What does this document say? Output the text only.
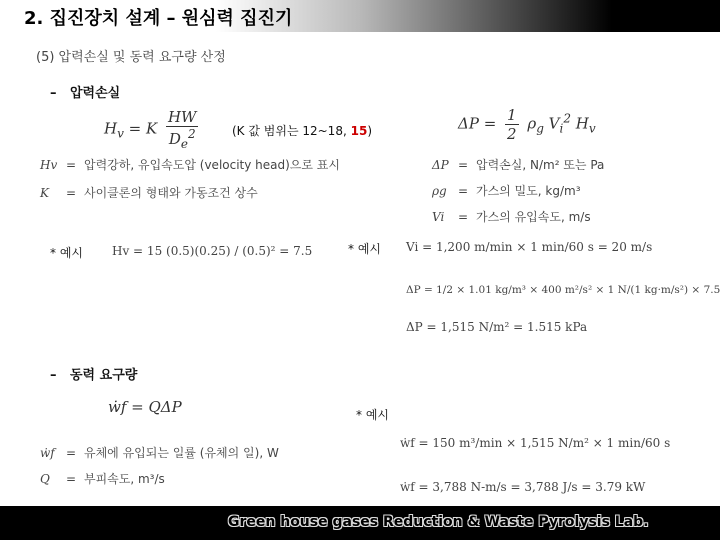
2. 집진장치 설계 – 원심력 집진기
(5) 압력손실 및 동력 요구량 산정
– 압력손실
$H_v = K \frac{HW}{D_e^2}$	(K 값 범위는 12~18, 15)	$\Delta P = \frac{1}{2} \rho_g$ $V_i^2$ $H_v$
Hv = 압력강하, 유입속도압 (velocity head)으로 표시
K = 사이클론의 형태와 가동조건 상수
ΔP = 압력손실, N/m² 또는 Pa
ρg = 가스의 밀도, kg/m³
Vi = 가스의 유입속도, m/s
* 예시 Hv = 15 (0.5)(0.25) / (0.5)² = 7.5	* 예시 Vi = 1,200 m/min × 1 min/60 s = 20 m/s
ΔP = 1/2 × 1.01 kg/m³ × 400 m²/s² × 1 N/(1 kg·m/s²) × 7.5
ΔP = 1,515 N/m² = 1.515 kPa
– 동력 요구량
ẇf = QΔP	* 예시
ẇf = 유체에 유입되는 일률 (유체의 일), W
Q = 부피속도, m³/s
ẇf = 150 m³/min × 1,515 N/m² × 1 min/60 s
ẇf = 3,788 N-m/s = 3,788 J/s = 3.79 kW
Green house gases Reduction & Waste Pyrolysis Lab.
